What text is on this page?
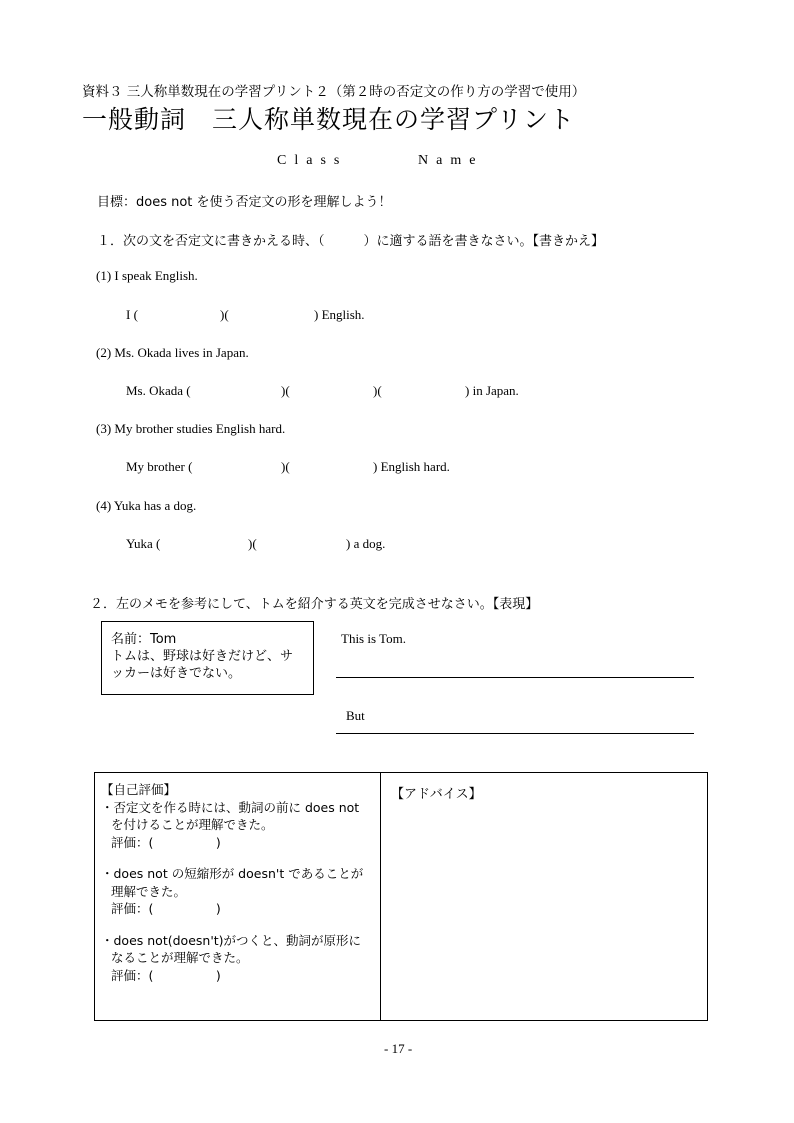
資料３ 三人称単数現在の学習プリント２（第２時の否定文の作り方の学習で使用）
一般動詞　三人称単数現在の学習プリント
Class	Name
目標：does not を使う否定文の形を理解しよう！
１．次の文を否定文に書きかえる時、（　　　）に適する語を書きなさい。【書きかえ】
(1) I speak English.
I (	)(	) English.
(2) Ms. Okada lives in Japan.
Ms. Okada (	)(	)(	) in Japan.
(3) My brother studies English hard.
My brother (	)(	) English hard.
(4) Yuka has a dog.
Yuka (	)(	) a dog.
２．左のメモを参考にして、トムを紹介する英文を完成させなさい。【表現】
名前：Tom
トムは、野球は好きだけど、サ
ッカーは好きでない。
This is Tom.
But
【自己評価】
・否定文を作る時には、動詞の前に does not
を付けることが理解できた。
評価：(　　　　　)
・does not の短縮形が doesn't であることが
理解できた。
評価：(　　　　　)
・does not(doesn't)がつくと、動詞が原形に
なることが理解できた。
評価：(　　　　　)
【アドバイス】
- 17 -
